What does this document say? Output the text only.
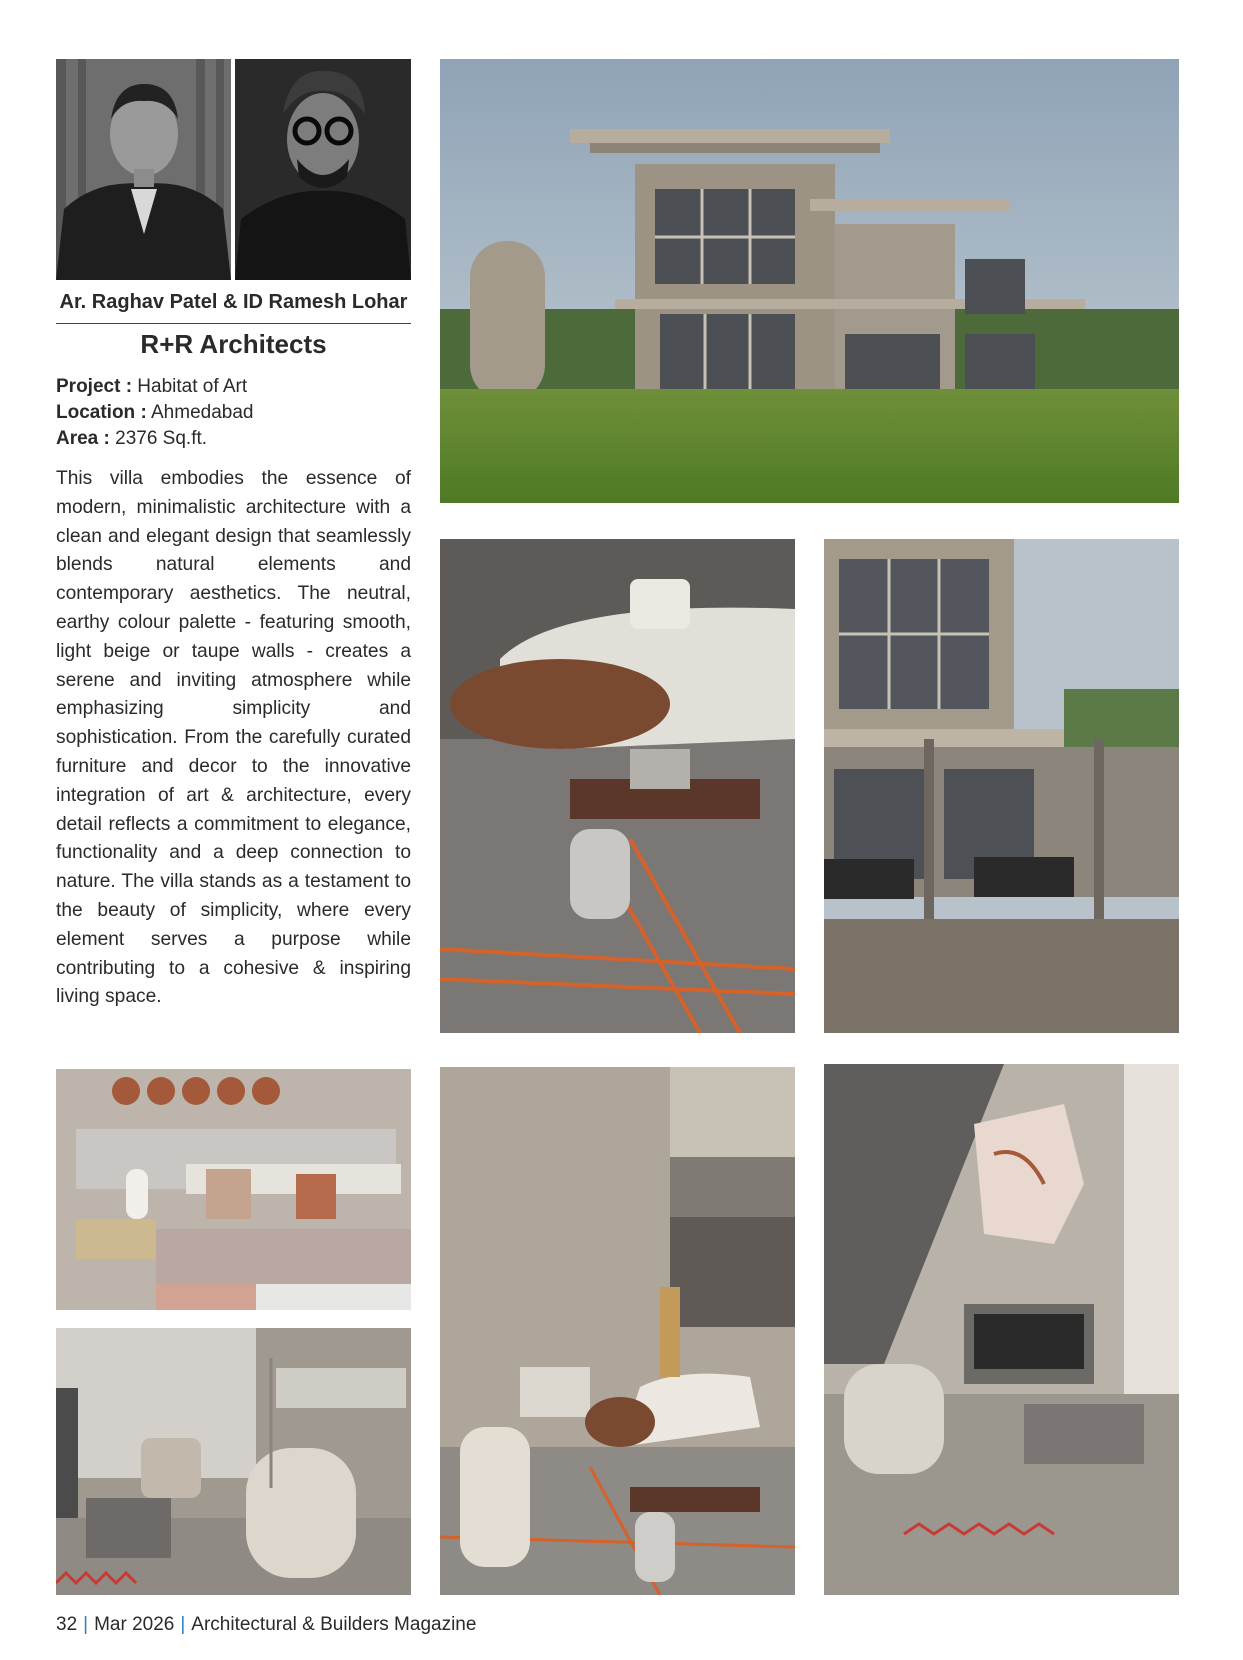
Ar. Raghav Patel & ID Ramesh Lohar
R+R Architects
Project : Habitat of Art
Location : Ahmedabad
Area : 2376 Sq.ft.

This villa embodies the essence of modern, minimalistic architecture with a clean and elegant design that seamlessly blends natural elements and contemporary aesthetics. The neutral, earthy colour palette - featuring smooth, light beige or taupe walls - creates a serene and inviting atmosphere while emphasizing simplicity and sophistication. From the carefully curated furniture and decor to the innovative integration of art & architecture, every detail reflects a commitment to elegance, functionality and a deep connection to nature. The villa stands as a testament to the beauty of simplicity, where every element serves a purpose while contributing to a cohesive & inspiring living space.

32 | Mar 2026 | Architectural & Builders Magazine
